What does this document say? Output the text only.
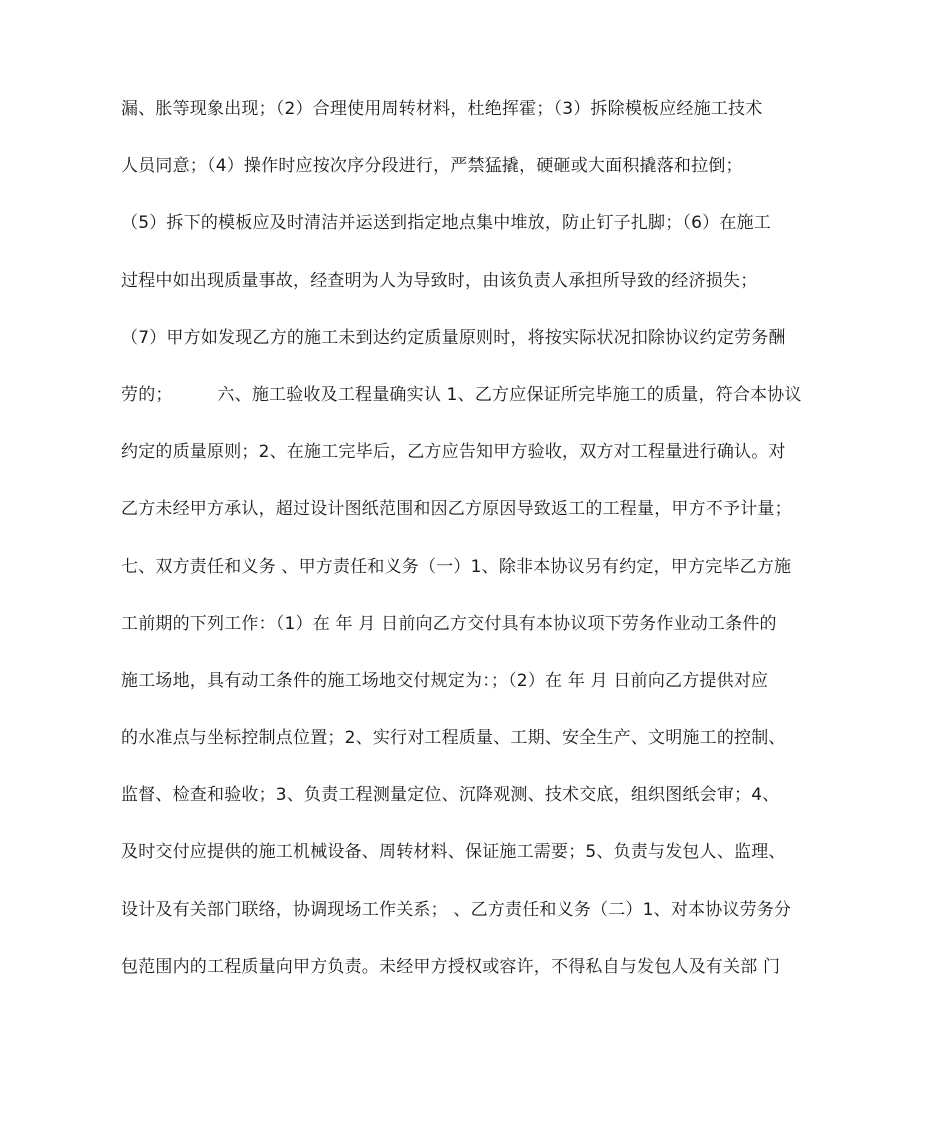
漏、胀等现象出现；（2）合理使用周转材料，杜绝挥霍；（3）拆除模板应经施工技术
人员同意；（4）操作时应按次序分段进行，严禁猛撬，硬砸或大面积撬落和拉倒；
（5）拆下的模板应及时清洁并运送到指定地点集中堆放，防止钉子扎脚；（6）在施工
过程中如出现质量事故，经查明为人为导致时，由该负责人承担所导致的经济损失；
（7）甲方如发现乙方的施工未到达约定质量原则时，将按实际状况扣除协议约定劳务酬
劳的；        六、施工验收及工程量确实认 1、乙方应保证所完毕施工的质量，符合本协议
约定的质量原则；2、在施工完毕后，乙方应告知甲方验收，双方对工程量进行确认。对
乙方未经甲方承认，超过设计图纸范围和因乙方原因导致返工的工程量，甲方不予计量；
七、双方责任和义务 、甲方责任和义务（一）1、除非本协议另有约定，甲方完毕乙方施
工前期的下列工作：（1）在 年 月 日前向乙方交付具有本协议项下劳务作业动工条件的
施工场地，具有动工条件的施工场地交付规定为：；（2）在 年 月 日前向乙方提供对应
的水准点与坐标控制点位置；2、实行对工程质量、工期、安全生产、文明施工的控制、
监督、检查和验收；3、负责工程测量定位、沉降观测、技术交底，组织图纸会审；4、
及时交付应提供的施工机械设备、周转材料、保证施工需要；5、负责与发包人、监理、
设计及有关部门联络，协调现场工作关系； 、乙方责任和义务（二）1、对本协议劳务分
包范围内的工程质量向甲方负责。未经甲方授权或容许，不得私自与发包人及有关部 门
